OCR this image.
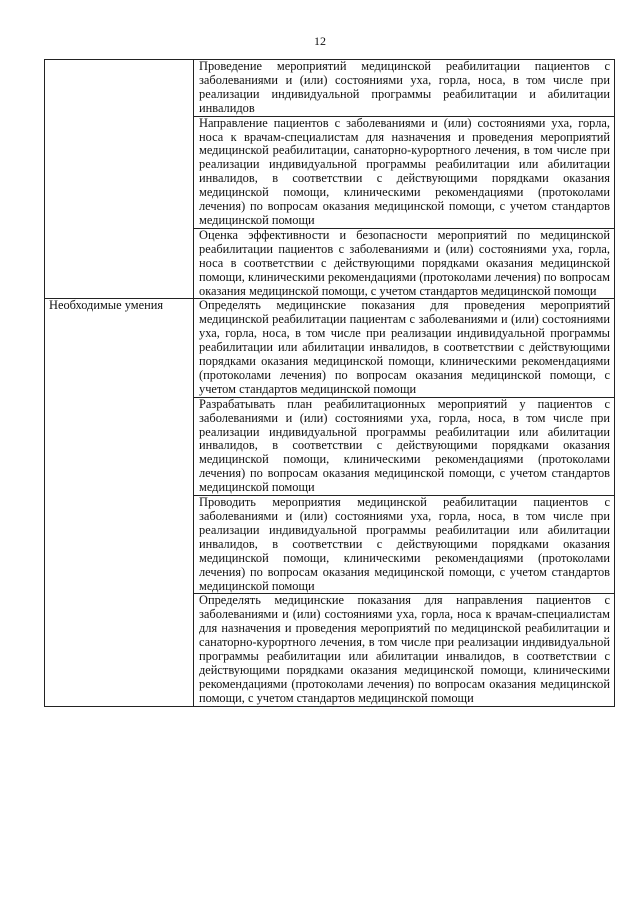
12

	Проведение мероприятий медицинской реабилитации пациентов с заболеваниями и (или) состояниями уха, горла, носа, в том числе при реализации индивидуальной программы реабилитации и абилитации инвалидов

	Направление пациентов с заболеваниями и (или) состояниями уха, горла, носа к врачам-специалистам для назначения и проведения мероприятий медицинской реабилитации, санаторно-курортного лечения, в том числе при реализации индивидуальной программы реабилитации или абилитации инвалидов, в соответствии с действующими порядками оказания медицинской помощи, клиническими рекомендациями (протоколами лечения) по вопросам оказания медицинской помощи, с учетом стандартов медицинской помощи

	Оценка эффективности и безопасности мероприятий по медицинской реабилитации пациентов с заболеваниями и (или) состояниями уха, горла, носа в соответствии с действующими порядками оказания медицинской помощи, клиническими рекомендациями (протоколами лечения) по вопросам оказания медицинской помощи, с учетом стандартов медицинской помощи

Необходимые умения	Определять медицинские показания для проведения мероприятий медицинской реабилитации пациентам с заболеваниями и (или) состояниями уха, горла, носа, в том числе при реализации индивидуальной программы реабилитации или абилитации инвалидов, в соответствии с действующими порядками оказания медицинской помощи, клиническими рекомендациями (протоколами лечения) по вопросам оказания медицинской помощи, с учетом стандартов медицинской помощи

	Разрабатывать план реабилитационных мероприятий у пациентов с заболеваниями и (или) состояниями уха, горла, носа, в том числе при реализации индивидуальной программы реабилитации или абилитации инвалидов, в соответствии с действующими порядками оказания медицинской помощи, клиническими рекомендациями (протоколами лечения) по вопросам оказания медицинской помощи, с учетом стандартов медицинской помощи

	Проводить мероприятия медицинской реабилитации пациентов с заболеваниями и (или) состояниями уха, горла, носа, в том числе при реализации индивидуальной программы реабилитации или абилитации инвалидов, в соответствии с действующими порядками оказания медицинской помощи, клиническими рекомендациями (протоколами лечения) по вопросам оказания медицинской помощи, с учетом стандартов медицинской помощи

	Определять медицинские показания для направления пациентов с заболеваниями и (или) состояниями уха, горла, носа к врачам-специалистам для назначения и проведения мероприятий по медицинской реабилитации и санаторно-курортного лечения, в том числе при реализации индивидуальной программы реабилитации или абилитации инвалидов, в соответствии с действующими порядками оказания медицинской помощи, клиническими рекомендациями (протоколами лечения) по вопросам оказания медицинской помощи, с учетом стандартов медицинской помощи
